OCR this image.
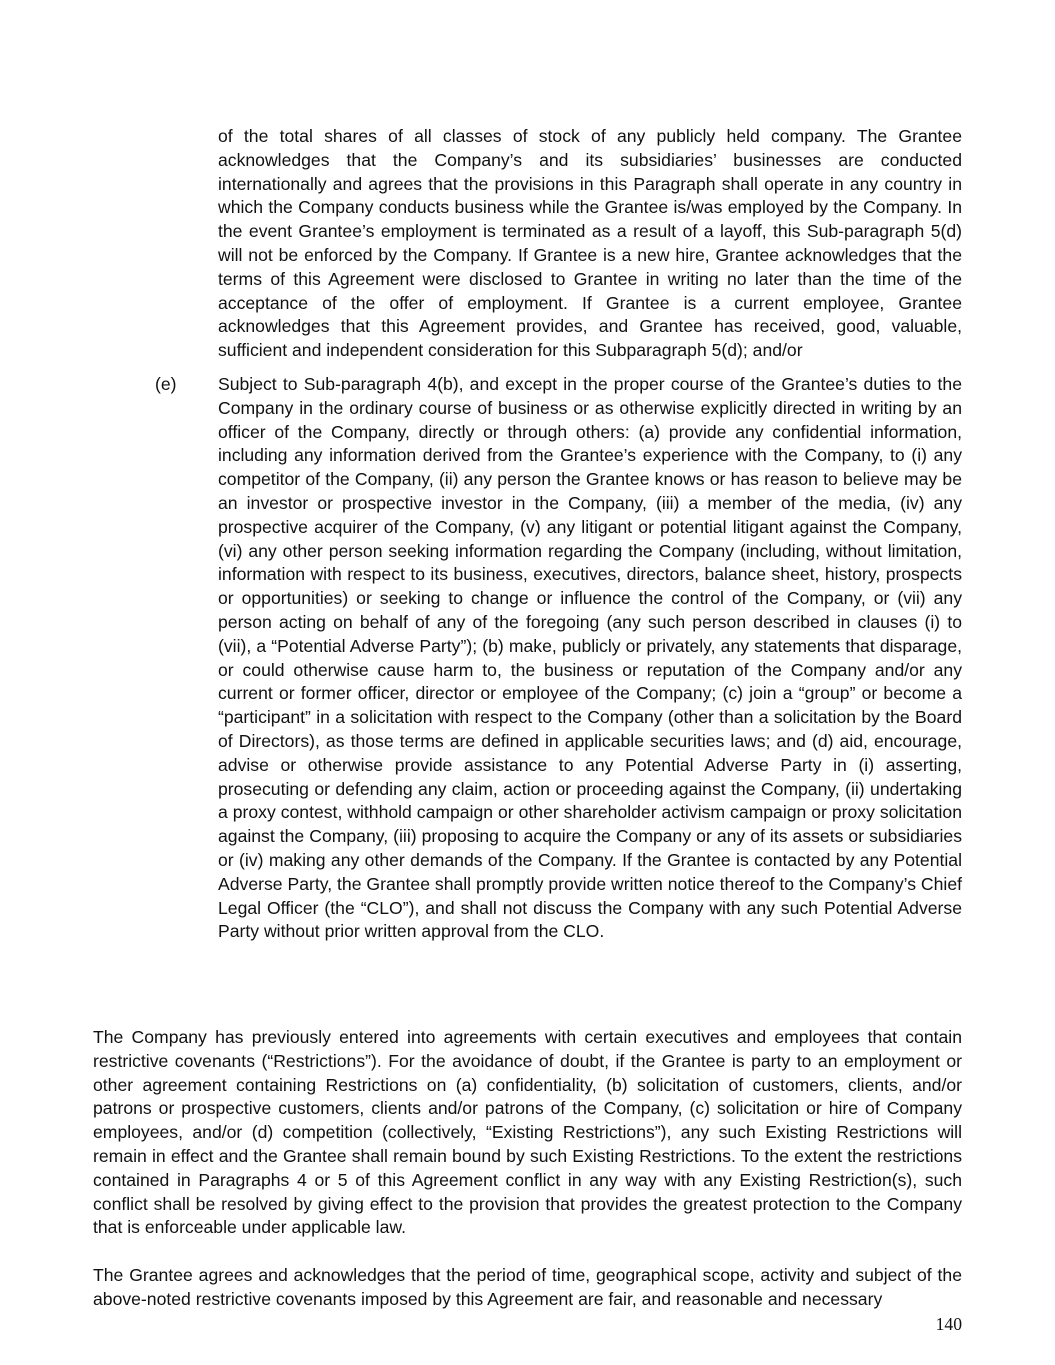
of the total shares of all classes of stock of any publicly held company. The Grantee acknowledges that the Company’s and its subsidiaries’ businesses are conducted internationally and agrees that the provisions in this Paragraph shall operate in any country in which the Company conducts business while the Grantee is/was employed by the Company. In the event Grantee’s employment is terminated as a result of a layoff, this Sub-paragraph 5(d) will not be enforced by the Company. If Grantee is a new hire, Grantee acknowledges that the terms of this Agreement were disclosed to Grantee in writing no later than the time of the acceptance of the offer of employment. If Grantee is a current employee, Grantee acknowledges that this Agreement provides, and Grantee has received, good, valuable, sufficient and independent consideration for this Subparagraph 5(d); and/or

(e) Subject to Sub-paragraph 4(b), and except in the proper course of the Grantee’s duties to the Company in the ordinary course of business or as otherwise explicitly directed in writing by an officer of the Company, directly or through others: (a) provide any confidential information, including any information derived from the Grantee’s experience with the Company, to (i) any competitor of the Company, (ii) any person the Grantee knows or has reason to believe may be an investor or prospective investor in the Company, (iii) a member of the media, (iv) any prospective acquirer of the Company, (v) any litigant or potential litigant against the Company, (vi) any other person seeking information regarding the Company (including, without limitation, information with respect to its business, executives, directors, balance sheet, history, prospects or opportunities) or seeking to change or influence the control of the Company, or (vii) any person acting on behalf of any of the foregoing (any such person described in clauses (i) to (vii), a “Potential Adverse Party”); (b) make, publicly or privately, any statements that disparage, or could otherwise cause harm to, the business or reputation of the Company and/or any current or former officer, director or employee of the Company; (c) join a “group” or become a “participant” in a solicitation with respect to the Company (other than a solicitation by the Board of Directors), as those terms are defined in applicable securities laws; and (d) aid, encourage, advise or otherwise provide assistance to any Potential Adverse Party in (i) asserting, prosecuting or defending any claim, action or proceeding against the Company, (ii) undertaking a proxy contest, withhold campaign or other shareholder activism campaign or proxy solicitation against the Company, (iii) proposing to acquire the Company or any of its assets or subsidiaries or (iv) making any other demands of the Company. If the Grantee is contacted by any Potential Adverse Party, the Grantee shall promptly provide written notice thereof to the Company’s Chief Legal Officer (the “CLO”), and shall not discuss the Company with any such Potential Adverse Party without prior written approval from the CLO.

The Company has previously entered into agreements with certain executives and employees that contain restrictive covenants (“Restrictions”). For the avoidance of doubt, if the Grantee is party to an employment or other agreement containing Restrictions on (a) confidentiality, (b) solicitation of customers, clients, and/or patrons or prospective customers, clients and/or patrons of the Company, (c) solicitation or hire of Company employees, and/or (d) competition (collectively, “Existing Restrictions”), any such Existing Restrictions will remain in effect and the Grantee shall remain bound by such Existing Restrictions. To the extent the restrictions contained in Paragraphs 4 or 5 of this Agreement conflict in any way with any Existing Restriction(s), such conflict shall be resolved by giving effect to the provision that provides the greatest protection to the Company that is enforceable under applicable law.

The Grantee agrees and acknowledges that the period of time, geographical scope, activity and subject of the above-noted restrictive covenants imposed by this Agreement are fair, and reasonable and necessary

140
